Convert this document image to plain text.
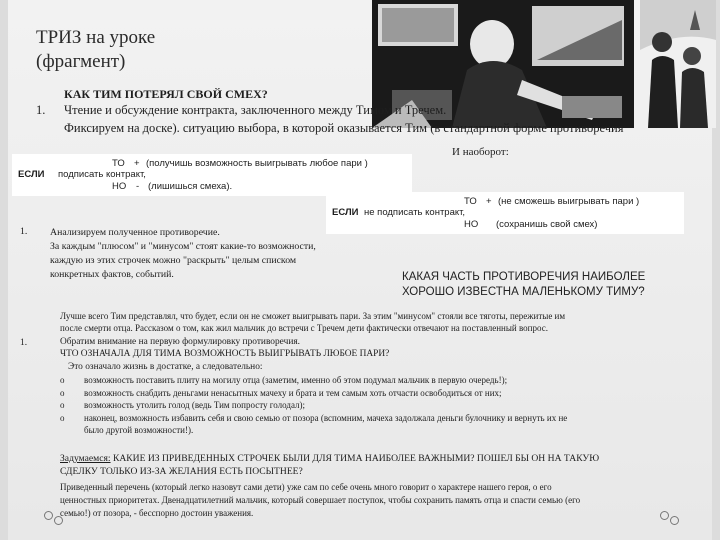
ТРИЗ на уроке
(фрагмент)
КАК ТИМ ПОТЕРЯЛ СВОЙ СМЕХ?
1. Чтение и обсуждение контракта, заключенного между Тимом и Тречем.
Фиксируем на доске). ситуацию выбора, в которой оказывается Тим (в стандартной форме противоречия
И наоборот:
ТО + (получишь возможность выигрывать любое пари )
ЕСЛИ подписать контракт,
НО - (лишишься смеха).
ТО + (не сможешь выигрывать пари )
ЕСЛИ не подписать контракт,
НО (сохранишь свой смех)
1. Анализируем полученное противоречие.
За каждым "плюсом" и "минусом" стоят какие-то возможности,
каждую из этих строчек можно "раскрыть" целым списком
конкретных фактов, событий.	КАКАЯ ЧАСТЬ ПРОТИВОРЕЧИЯ НАИБОЛЕЕ
ХОРОШО ИЗВЕСТНА МАЛЕНЬКОМУ ТИМУ?
Лучше всего Тим представлял, что будет, если он не сможет выигрывать пари. За этим "минусом" стояли все тяготы, пережитые им
после смерти отца. Рассказом о том, как жил мальчик до встречи с Тречем дети фактически отвечают на поставленный вопрос.
1.	Обратим внимание на первую формулировку противоречия.
ЧТО ОЗНАЧАЛА ДЛЯ ТИМА ВОЗМОЖНОСТЬ ВЫИГРЫВАТЬ ЛЮБОЕ ПАРИ?
Это означало жизнь в достатке, а следовательно:
o возможность поставить плиту на могилу отца (заметим, именно об этом подумал мальчик в первую очередь!);
o возможность снабдить деньгами ненасытных мачеху и брата и тем самым хоть отчасти освободиться от них;
o возможность утолить голод (ведь Тим попросту голодал);
o наконец, возможность избавить себя и свою семью от позора (вспомним, мачеха задолжала деньги булочнику и вернуть их не
было другой возможности!).
Задумаемся: КАКИЕ ИЗ ПРИВЕДЕННЫХ СТРОЧЕК БЫЛИ ДЛЯ ТИМА НАИБОЛЕЕ ВАЖНЫМИ? ПОШЕЛ БЫ ОН НА ТАКУЮ
СДЕЛКУ ТОЛЬКО ИЗ-ЗА ЖЕЛАНИЯ ЕСТЬ ПОСЫТНЕЕ?
Приведенный перечень (который легко назовут сами дети) уже сам по себе очень много говорит о характере нашего героя, о его
ценностных приоритетах. Двенадцатилетний мальчик, который совершает поступок, чтобы сохранить память отца и спасти семью (его
семью!) от позора, - бесспорно достоин уважения.
